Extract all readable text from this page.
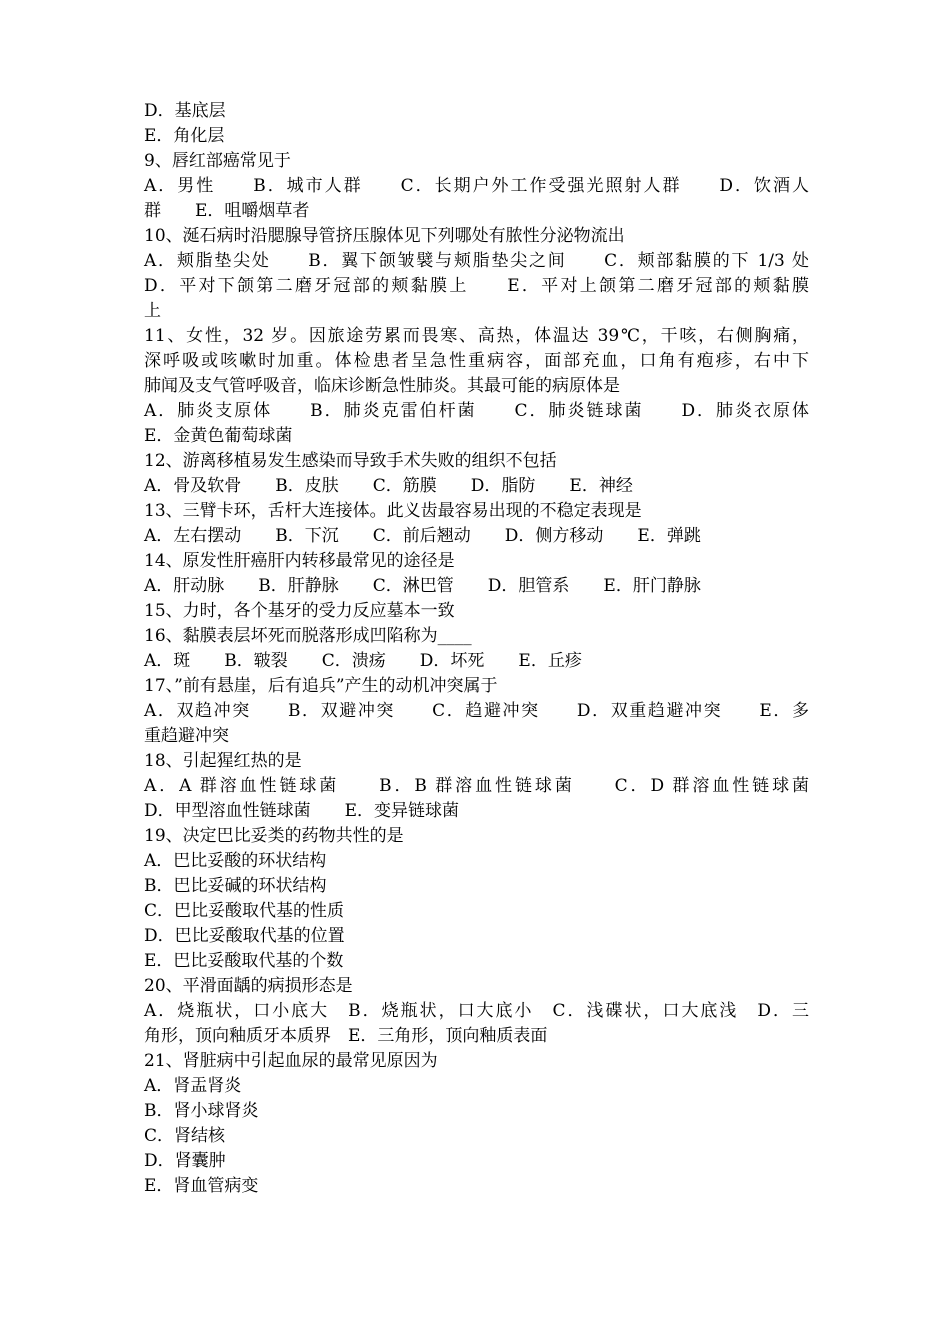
D．基底层
E．角化层
9、唇红部癌常见于
A．男性　　B．城市人群　　C．长期户外工作受强光照射人群　　D．饮酒人
群　　E．咀嚼烟草者
10、涎石病时沿腮腺导管挤压腺体见下列哪处有脓性分泌物流出
A．颊脂垫尖处　　B．翼下颌皱襞与颊脂垫尖之间　　C．颊部黏膜的下 1/3 处
D．平对下颌第二磨牙冠部的颊黏膜上　　E．平对上颌第二磨牙冠部的颊黏膜
上
11、女性，32 岁。因旅途劳累而畏寒、高热，体温达 39℃，干咳，右侧胸痛，
深呼吸或咳嗽时加重。体检患者呈急性重病容，面部充血，口角有疱疹，右中下
肺闻及支气管呼吸音，临床诊断急性肺炎。其最可能的病原体是
A．肺炎支原体　　B．肺炎克雷伯杆菌　　C．肺炎链球菌　　D．肺炎衣原体
E．金黄色葡萄球菌
12、游离移植易发生感染而导致手术失败的组织不包括
A．骨及软骨　　B．皮肤　　C．筋膜　　D．脂防　　E．神经
13、三臂卡环，舌杆大连接体。此义齿最容易出现的不稳定表现是
A．左右摆动　　B．下沉　　C．前后翘动　　D．侧方移动　　E．弹跳
14、原发性肝癌肝内转移最常见的途径是
A．肝动脉　　B．肝静脉　　C．淋巴管　　D．胆管系　　E．肝门静脉
15、力时，各个基牙的受力反应墓本一致
16、黏膜表层坏死而脱落形成凹陷称为____
A．斑　　B．皲裂　　C．溃疡　　D．坏死　　E．丘疹
17、”前有悬崖，后有追兵”产生的动机冲突属于
A．双趋冲突　　B．双避冲突　　C．趋避冲突　　D．双重趋避冲突　　E．多
重趋避冲突
18、引起猩红热的是
A．A 群溶血性链球菌　　B．B 群溶血性链球菌　　C．D 群溶血性链球菌
D．甲型溶血性链球菌　　E．变异链球菌
19、决定巴比妥类的药物共性的是
A．巴比妥酸的环状结构
B．巴比妥碱的环状结构
C．巴比妥酸取代基的性质
D．巴比妥酸取代基的位置
E．巴比妥酸取代基的个数
20、平滑面龋的病损形态是
A．烧瓶状，口小底大　B．烧瓶状，口大底小　C．浅碟状，口大底浅　D．三
角形，顶向釉质牙本质界　E．三角形，顶向釉质表面
21、肾脏病中引起血尿的最常见原因为
A．肾盂肾炎
B．肾小球肾炎
C．肾结核
D．肾囊肿
E．肾血管病变
